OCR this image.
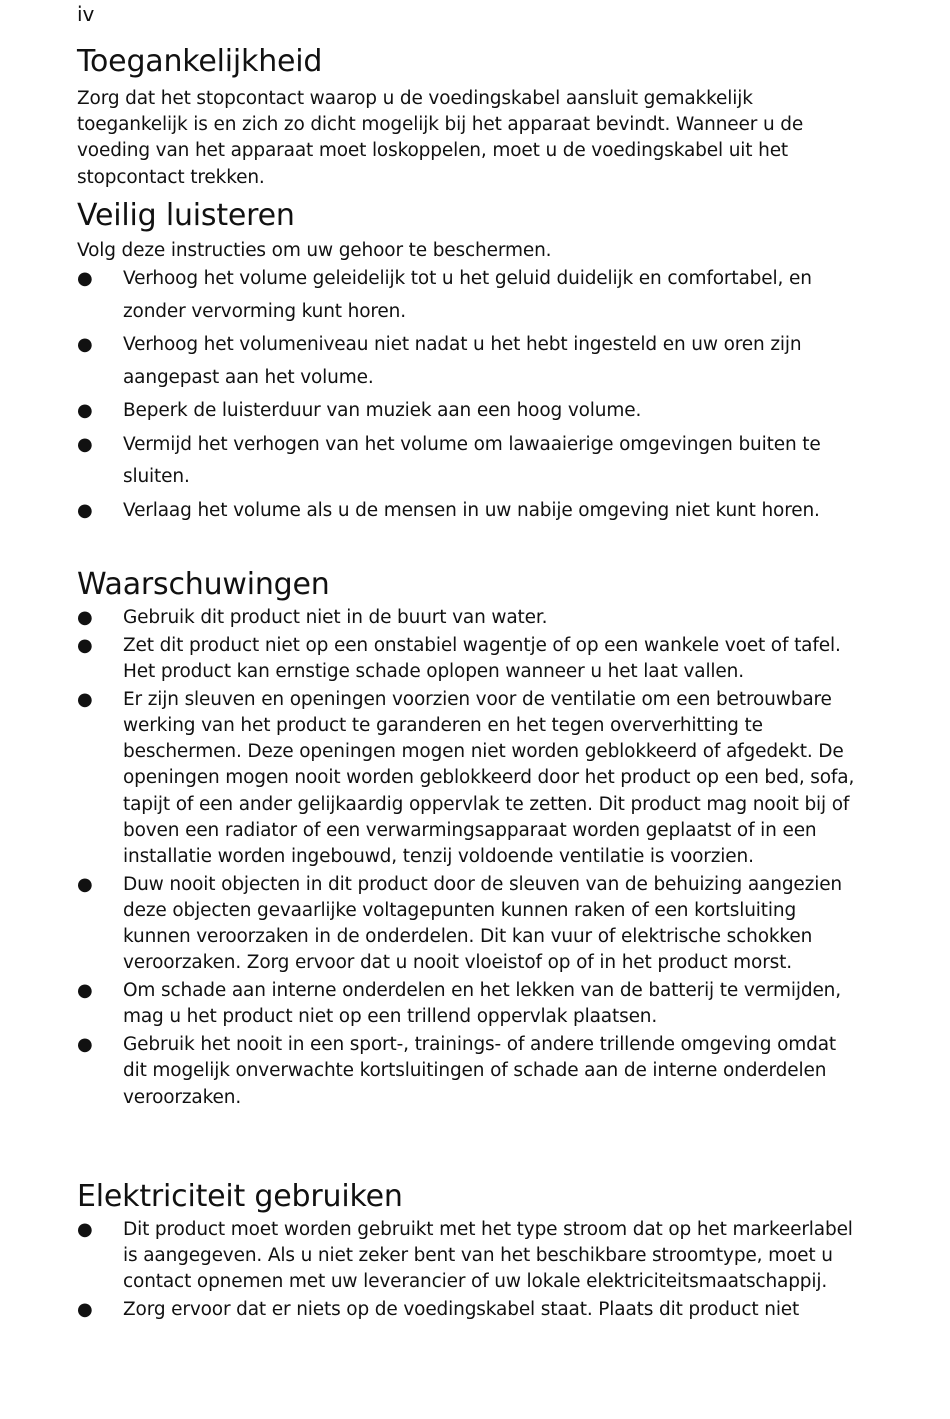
iv
Toegankelijkheid

Zorg dat het stopcontact waarop u de voedingskabel aansluit gemakkelijk toegankelijk is en zich zo dicht mogelijk bij het apparaat bevindt. Wanneer u de voeding van het apparaat moet loskoppelen, moet u de voedingskabel uit het stopcontact trekken.

Veilig luisteren

Volg deze instructies om uw gehoor te beschermen.

● Verhoog het volume geleidelijk tot u het geluid duidelijk en comfortabel, en zonder vervorming kunt horen.
● Verhoog het volumeniveau niet nadat u het hebt ingesteld en uw oren zijn aangepast aan het volume.
● Beperk de luisterduur van muziek aan een hoog volume.
● Vermijd het verhogen van het volume om lawaaierige omgevingen buiten te sluiten.
● Verlaag het volume als u de mensen in uw nabije omgeving niet kunt horen.
Waarschuwingen
● Gebruik dit product niet in de buurt van water.
● Zet dit product niet op een onstabiel wagentje of op een wankele voet of tafel. Het product kan ernstige schade oplopen wanneer u het laat vallen.
● Er zijn sleuven en openingen voorzien voor de ventilatie om een betrouwbare werking van het product te garanderen en het tegen oververhitting te beschermen. Deze openingen mogen niet worden geblokkeerd of afgedekt. De openingen mogen nooit worden geblokkeerd door het product op een bed, sofa, tapijt of een ander gelijkaardig oppervlak te zetten. Dit product mag nooit bij of boven een radiator of een verwarmingsapparaat worden geplaatst of in een installatie worden ingebouwd, tenzij voldoende ventilatie is voorzien.
● Duw nooit objecten in dit product door de sleuven van de behuizing aangezien deze objecten gevaarlijke voltagepunten kunnen raken of een kortsluiting kunnen veroorzaken in de onderdelen. Dit kan vuur of elektrische schokken veroorzaken. Zorg ervoor dat u nooit vloeistof op of in het product morst.
● Om schade aan interne onderdelen en het lekken van de batterij te vermijden, mag u het product niet op een trillend oppervlak plaatsen.
● Gebruik het nooit in een sport-, trainings- of andere trillende omgeving omdat dit mogelijk onverwachte kortsluitingen of schade aan de interne onderdelen veroorzaken.
Elektriciteit gebruiken
● Dit product moet worden gebruikt met het type stroom dat op het markeerlabel is aangegeven. Als u niet zeker bent van het beschikbare stroomtype, moet u contact opnemen met uw leverancier of uw lokale elektriciteitsmaatschappij.
● Zorg ervoor dat er niets op de voedingskabel staat. Plaats dit product niet
